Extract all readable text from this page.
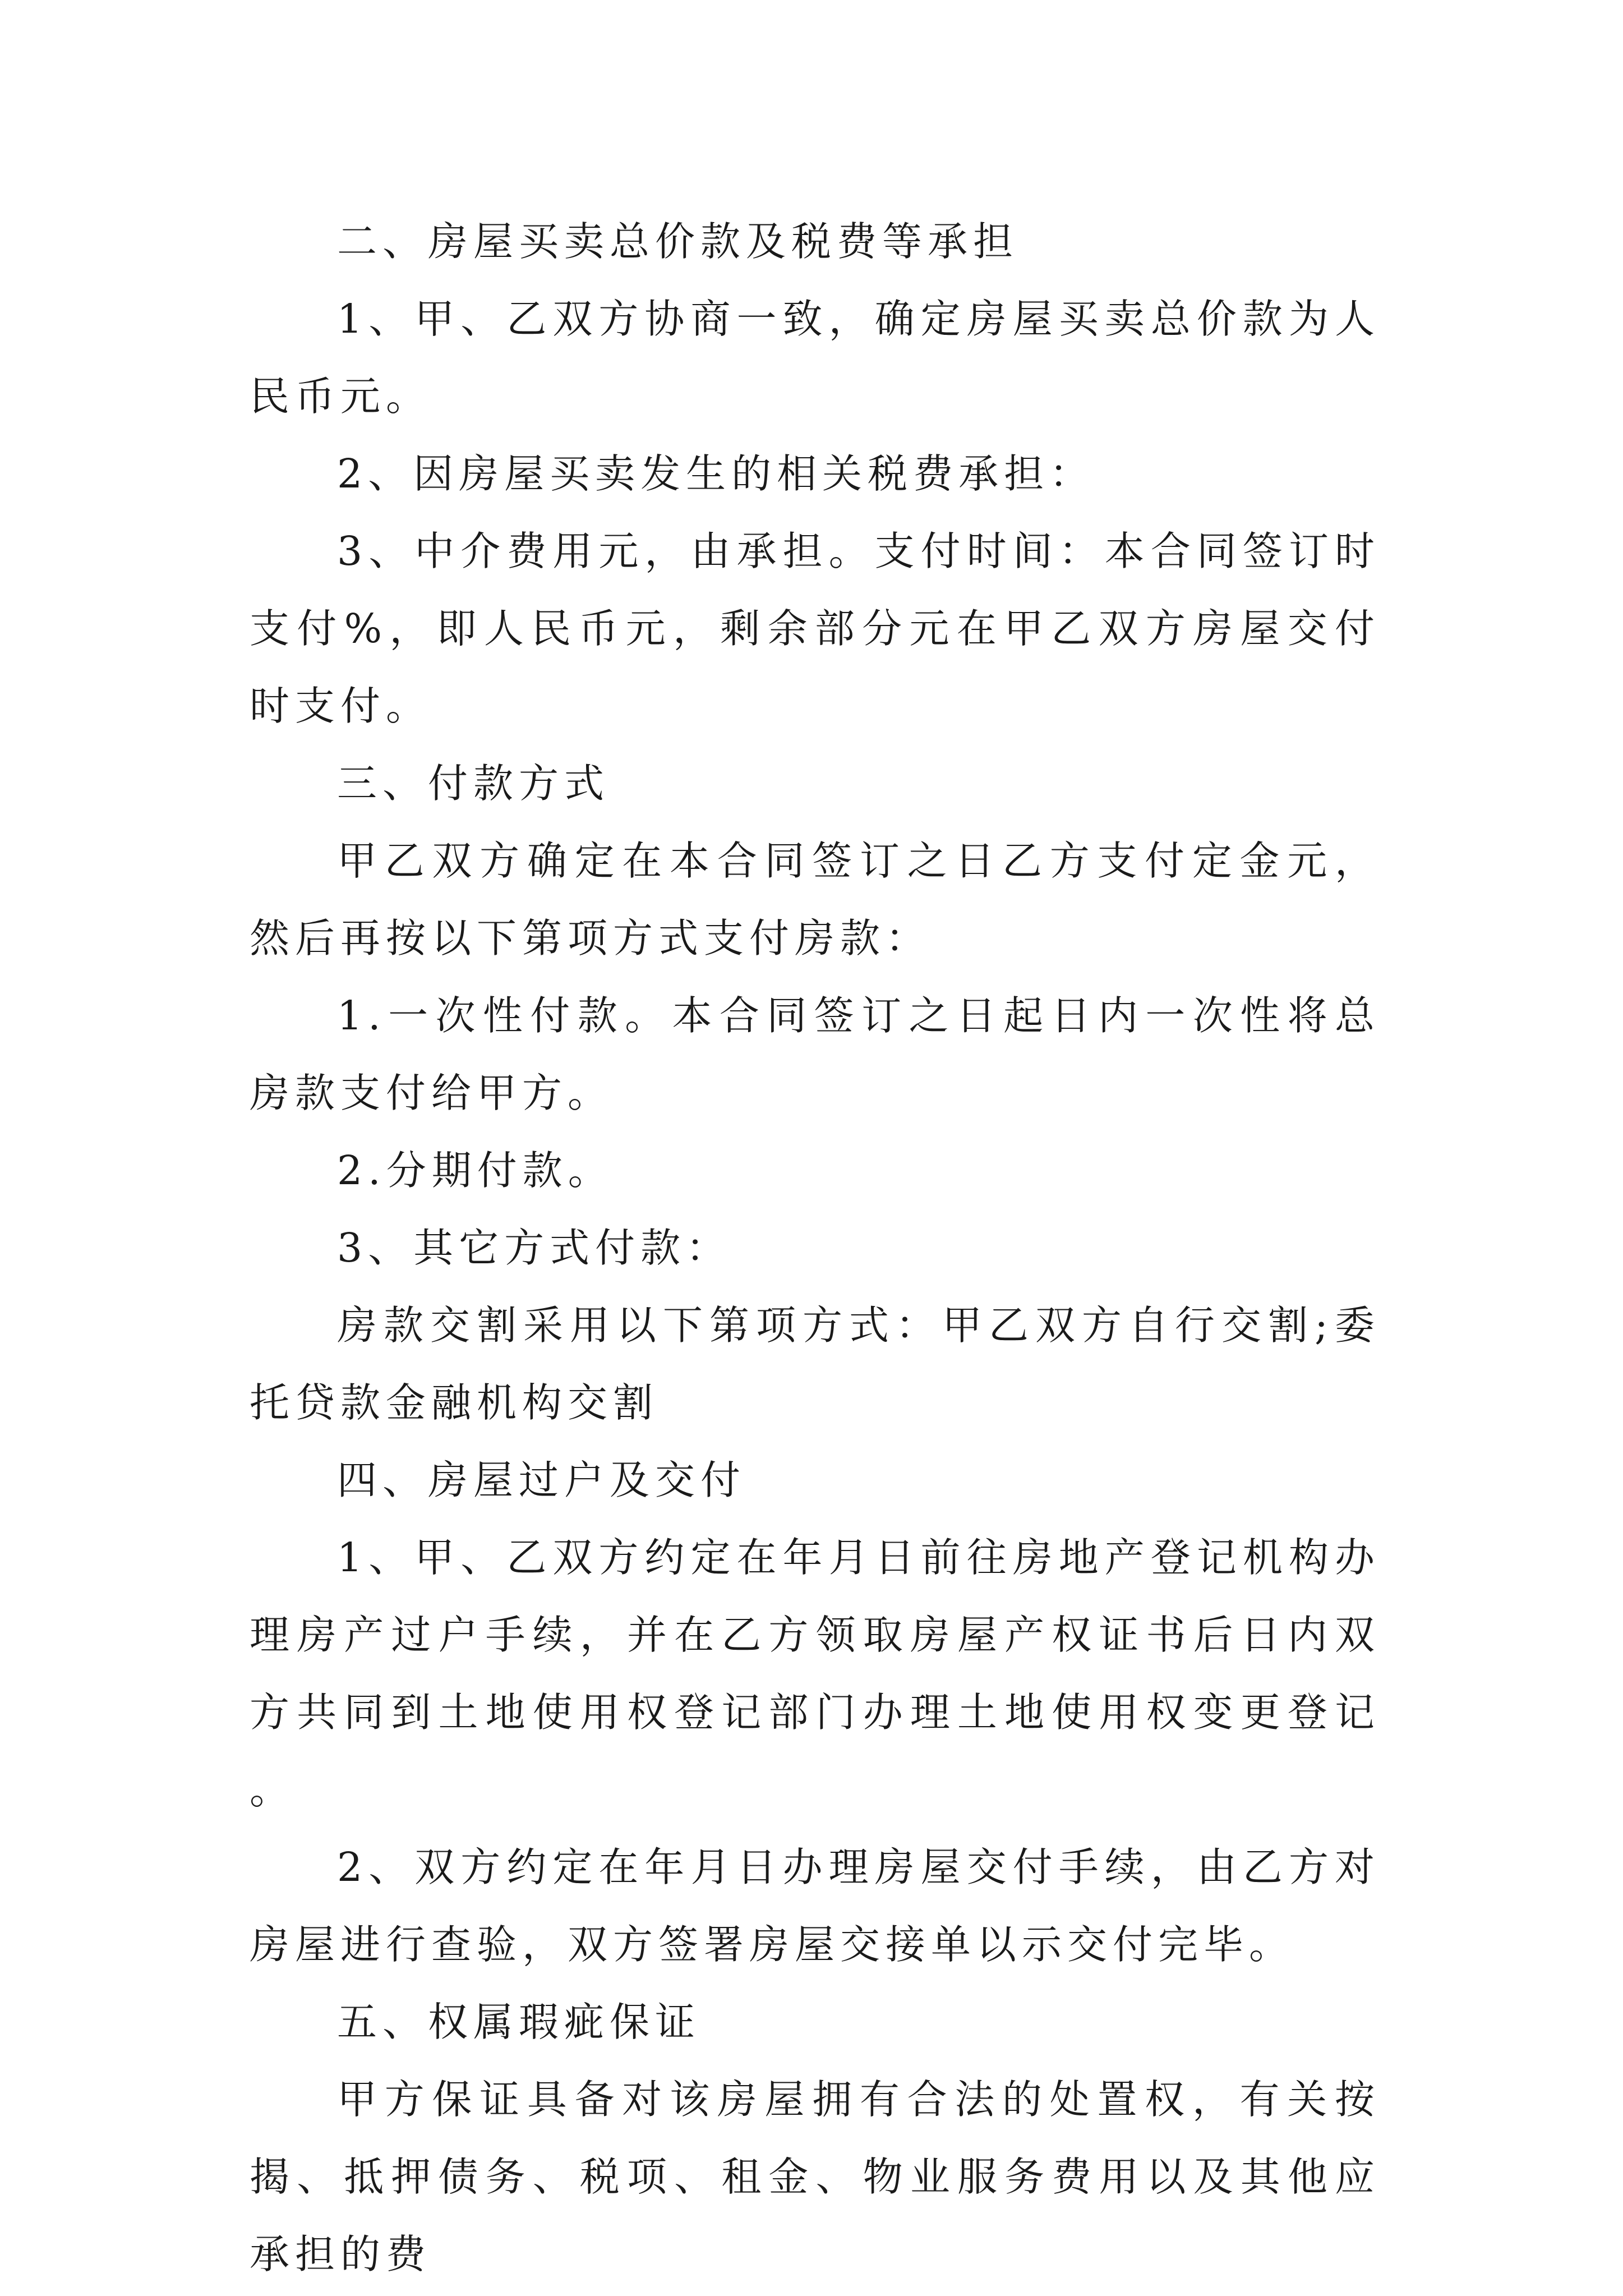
二、房屋买卖总价款及税费等承担

1、甲、乙双方协商一致，确定房屋买卖总价款为人民币元。

2、因房屋买卖发生的相关税费承担：

3、中介费用元，由承担。支付时间：本合同签订时支付%，即人民币元，剩余部分元在甲乙双方房屋交付时支付。

三、付款方式

甲乙双方确定在本合同签订之日乙方支付定金元，然后再按以下第项方式支付房款：

1.一次性付款。本合同签订之日起日内一次性将总房款支付给甲方。

2.分期付款。

3、其它方式付款：

房款交割采用以下第项方式：甲乙双方自行交割;委托贷款金融机构交割

四、房屋过户及交付

1、甲、乙双方约定在年月日前往房地产登记机构办理房产过户手续，并在乙方领取房屋产权证书后日内双方共同到土地使用权登记部门办理土地使用权变更登记。

2、双方约定在年月日办理房屋交付手续，由乙方对房屋进行查验，双方签署房屋交接单以示交付完毕。

五、权属瑕疵保证

甲方保证具备对该房屋拥有合法的处置权，有关按揭、抵押债务、税项、租金、物业服务费用以及其他应承担的费
